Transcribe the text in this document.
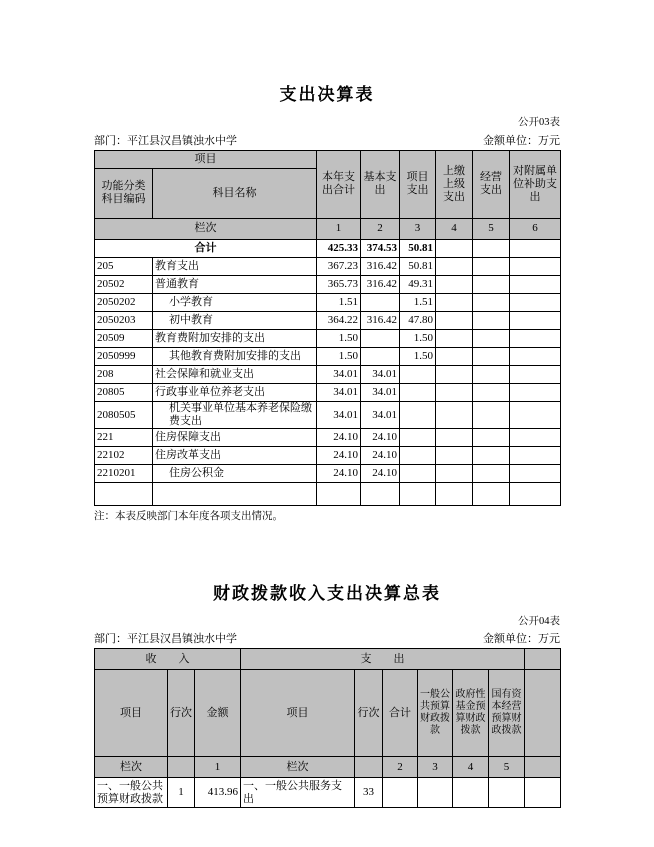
支出决算表
公开03表
部门：平江县汉昌镇浊水中学	金额单位：万元
项目		本年支出合计	基本支出	项目支出	上缴上级支出	经营支出	对附属单位补助支出
功能分类科目编码	科目名称						
栏次		1	2	3	4	5	6
合计		425.33	374.53	50.81			
205	教育支出	367.23	316.42	50.81			
20502	普通教育	365.73	316.42	49.31			
2050202	小学教育	1.51		1.51			
2050203	初中教育	364.22	316.42	47.80			
20509	教育费附加安排的支出	1.50		1.50			
2050999	其他教育费附加安排的支出	1.50		1.50			
208	社会保障和就业支出	34.01	34.01				
20805	行政事业单位养老支出	34.01	34.01				
2080505	机关事业单位基本养老保险缴费支出	34.01	34.01				
221	住房保障支出	24.10	24.10				
22102	住房改革支出	24.10	24.10				
2210201	住房公积金	24.10	24.10				

注：本表反映部门本年度各项支出情况。
财政拨款收入支出决算总表
公开04表
部门：平江县汉昌镇浊水中学	金额单位：万元
收　　入			支　　出						
项目	行次	金额	项目	行次	合计	一般公共预算财政拨款	政府性基金预算财政拨款	国有资本经营预算财政拨款	
栏次		1	栏次		2	3	4	5	
一、一般公共预算财政拨款	1	413.96	一、一般公共服务支出	33					
